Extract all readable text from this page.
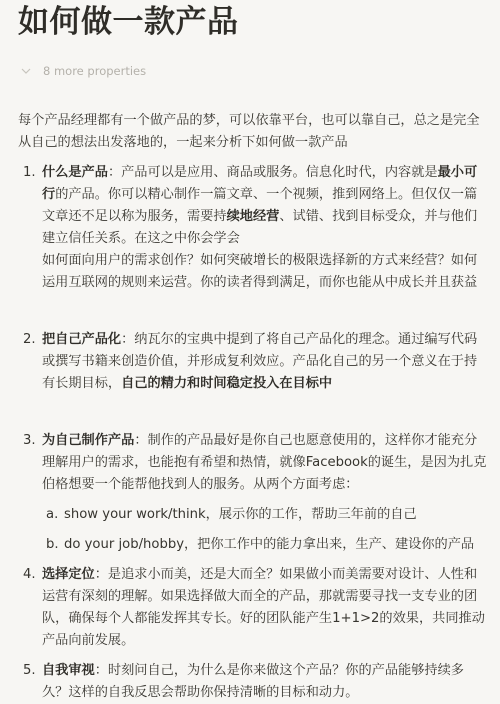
如何做一款产品
8 more properties

每个产品经理都有一个做产品的梦，可以依靠平台，也可以靠自己，总之是完全从自己的想法出发落地的，一起来分析下如何做一款产品

1. 什么是产品：产品可以是应用、商品或服务。信息化时代，内容就是最小可行的产品。你可以精心制作一篇文章、一个视频，推到网络上。但仅仅一篇文章还不足以称为服务，需要持续地经营、试错、找到目标受众，并与他们建立信任关系。在这之中你会学会

如何面向用户的需求创作？如何突破增长的极限选择新的方式来经营？如何运用互联网的规则来运营。你的读者得到满足，而你也能从中成长并且获益

2. 把自己产品化：纳瓦尔的宝典中提到了将自己产品化的理念。通过编写代码或撰写书籍来创造价值，并形成复利效应。产品化自己的另一个意义在于持有长期目标，自己的精力和时间稳定投入在目标中

3. 为自己制作产品：制作的产品最好是你自己也愿意使用的，这样你才能充分理解用户的需求，也能抱有希望和热情，就像Facebook的诞生，是因为扎克伯格想要一个能帮他找到人的服务。从两个方面考虑：

a. show your work/think，展示你的工作，帮助三年前的自己
b. do your job/hobby，把你工作中的能力拿出来，生产、建设你的产品
4. 选择定位：是追求小而美，还是大而全？如果做小而美需要对设计、人性和运营有深刻的理解。如果选择做大而全的产品，那就需要寻找一支专业的团队，确保每个人都能发挥其专长。好的团队能产生1+1>2的效果，共同推动产品向前发展。

5. 自我审视：时刻问自己，为什么是你来做这个产品？你的产品能够持续多久？这样的自我反思会帮助你保持清晰的目标和动力。
